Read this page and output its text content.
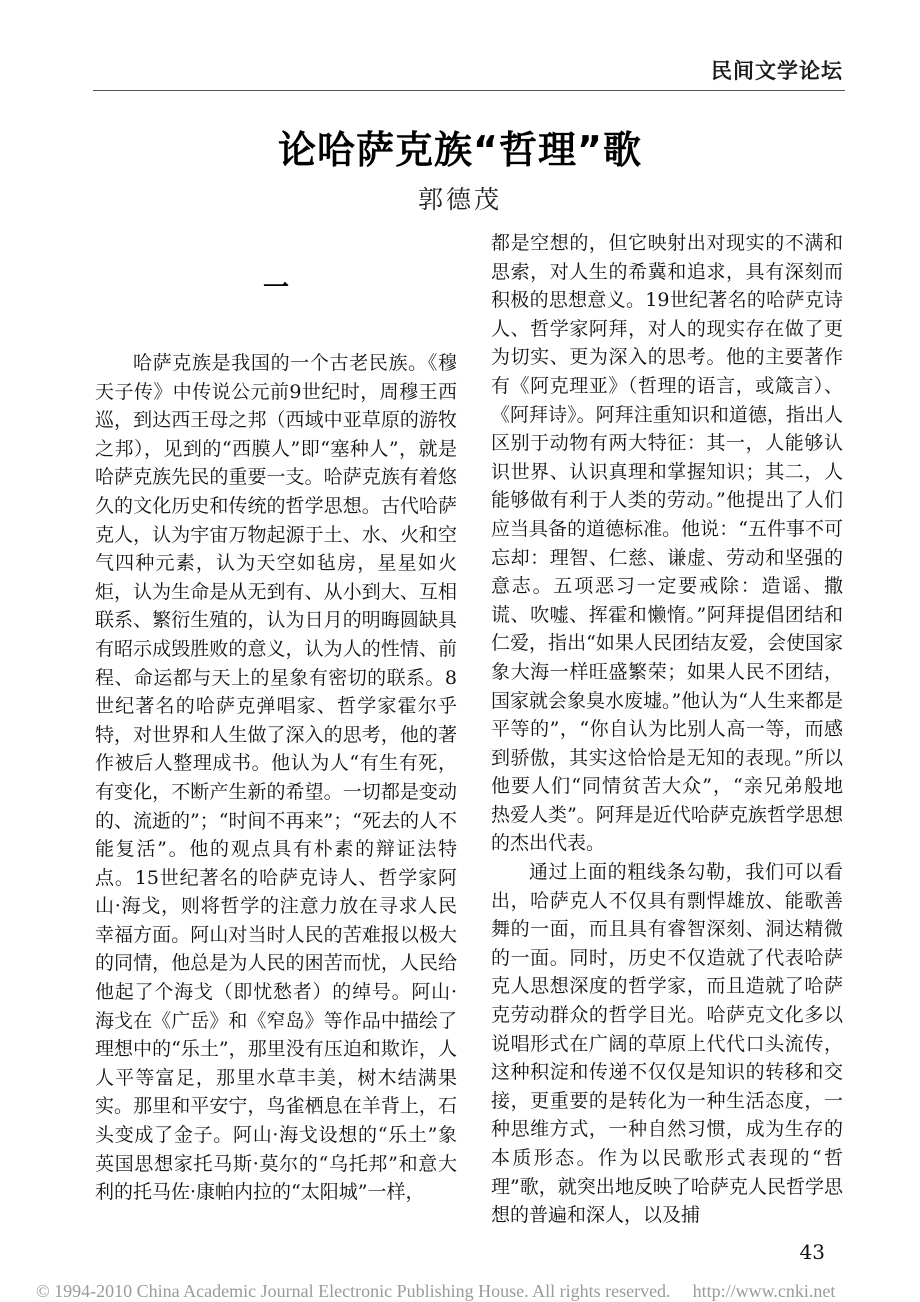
民间文学论坛
论哈萨克族“哲理”歌
郭德茂
一

哈萨克族是我国的一个古老民族。《穆天子传》中传说公元前9世纪时，周穆王西巡，到达西王母之邦（西域中亚草原的游牧之邦），见到的“西膜人”即“塞种人”，就是哈萨克族先民的重要一支。哈萨克族有着悠久的文化历史和传统的哲学思想。古代哈萨克人，认为宇宙万物起源于土、水、火和空气四种元素，认为天空如毡房，星星如火炬，认为生命是从无到有、从小到大、互相联系、繁衍生殖的，认为日月的明晦圆缺具有昭示成毁胜败的意义，认为人的性情、前程、命运都与天上的星象有密切的联系。8世纪著名的哈萨克弹唱家、哲学家霍尔乎特，对世界和人生做了深入的思考，他的著作被后人整理成书。他认为人“有生有死，有变化，不断产生新的希望。一切都是变动的、流逝的”；“时间不再来”；“死去的人不能复活”。他的观点具有朴素的辩证法特点。15世纪著名的哈萨克诗人、哲学家阿山·海戈，则将哲学的注意力放在寻求人民幸福方面。阿山对当时人民的苦难报以极大的同情，他总是为人民的困苦而忧，人民给他起了个海戈（即忧愁者）的绰号。阿山·海戈在《广岳》和《窄岛》等作品中描绘了理想中的“乐土”，那里没有压迫和欺诈，人人平等富足，那里水草丰美，树木结满果实。那里和平安宁，鸟雀栖息在羊背上，石头变成了金子。阿山·海戈设想的“乐土”象英国思想家托马斯·莫尔的“乌托邦”和意大利的托马佐·康帕内拉的“太阳城”一样，

都是空想的，但它映射出对现实的不满和思索，对人生的希冀和追求，具有深刻而积极的思想意义。19世纪著名的哈萨克诗人、哲学家阿拜，对人的现实存在做了更为切实、更为深入的思考。他的主要著作有《阿克理亚》（哲理的语言，或箴言）、《阿拜诗》。阿拜注重知识和道德，指出人区别于动物有两大特征：其一，人能够认识世界、认识真理和掌握知识；其二，人能够做有利于人类的劳动。”他提出了人们应当具备的道德标准。他说：“五件事不可忘却：理智、仁慈、谦虚、劳动和坚强的意志。五项恶习一定要戒除：造谣、撒谎、吹嘘、挥霍和懒惰。”阿拜提倡团结和仁爱，指出“如果人民团结友爱，会使国家象大海一样旺盛繁荣；如果人民不团结，国家就会象臭水废墟。”他认为“人生来都是平等的”，“你自认为比别人高一等，而感到骄傲，其实这恰恰是无知的表现。”所以他要人们“同情贫苦大众”，“亲兄弟般地热爱人类”。阿拜是近代哈萨克族哲学思想的杰出代表。

通过上面的粗线条勾勒，我们可以看出，哈萨克人不仅具有剽悍雄放、能歌善舞的一面，而且具有睿智深刻、洞达精微的一面。同时，历史不仅造就了代表哈萨克人思想深度的哲学家，而且造就了哈萨克劳动群众的哲学目光。哈萨克文化多以说唱形式在广阔的草原上代代口头流传，这种积淀和传递不仅仅是知识的转移和交接，更重要的是转化为一种生活态度，一种思维方式，一种自然习惯，成为生存的本质形态。作为以民歌形式表现的“哲理”歌，就突出地反映了哈萨克人民哲学思想的普遍和深人，以及捕

43
© 1994-2010 China Academic Journal Electronic Publishing House. All rights reserved. http://www.cnki.net
